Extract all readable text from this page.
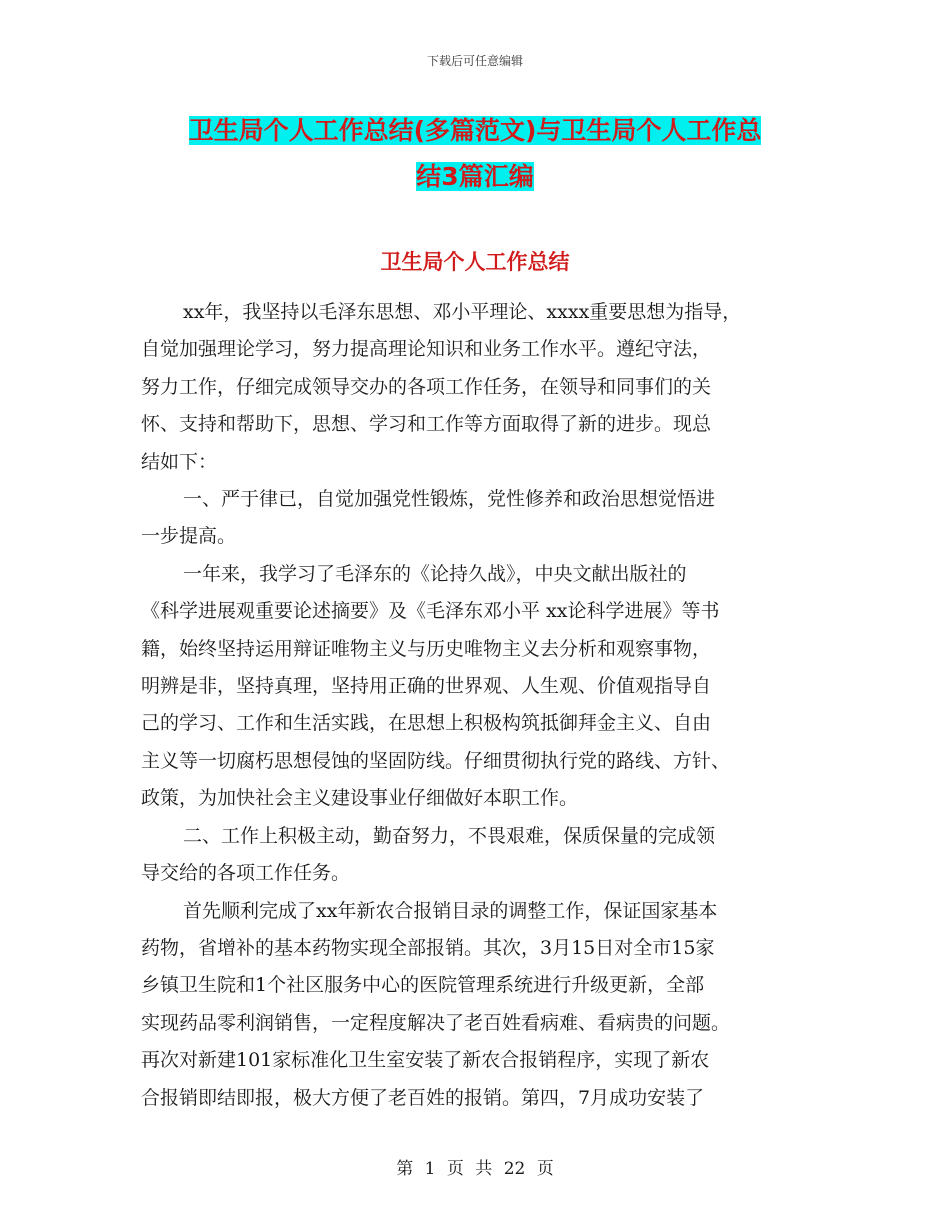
下载后可任意编辑
卫生局个人工作总结(多篇范文)与卫生局个人工作总
结3篇汇编
卫生局个人工作总结
xx年，我坚持以毛泽东思想、邓小平理论、xxxx重要思想为指导，
自觉加强理论学习，努力提高理论知识和业务工作水平。遵纪守法，
努力工作，仔细完成领导交办的各项工作任务，在领导和同事们的关
怀、支持和帮助下，思想、学习和工作等方面取得了新的进步。现总
结如下：
一、严于律已，自觉加强党性锻炼，党性修养和政治思想觉悟进
一步提高。
一年来，我学习了毛泽东的《论持久战》，中央文献出版社的
《科学进展观重要论述摘要》及《毛泽东邓小平 xx论科学进展》等书
籍，始终坚持运用辩证唯物主义与历史唯物主义去分析和观察事物，
明辨是非，坚持真理，坚持用正确的世界观、人生观、价值观指导自
己的学习、工作和生活实践，在思想上积极构筑抵御拜金主义、自由
主义等一切腐朽思想侵蚀的坚固防线。仔细贯彻执行党的路线、方针、
政策，为加快社会主义建设事业仔细做好本职工作。
二、工作上积极主动，勤奋努力，不畏艰难，保质保量的完成领
导交给的各项工作任务。
首先顺利完成了xx年新农合报销目录的调整工作，保证国家基本
药物，省增补的基本药物实现全部报销。其次，3月15日对全市15家
乡镇卫生院和1个社区服务中心的医院管理系统进行升级更新，全部
实现药品零利润销售，一定程度解决了老百姓看病难、看病贵的问题。
再次对新建101家标准化卫生室安装了新农合报销程序，实现了新农
合报销即结即报，极大方便了老百姓的报销。第四，7月成功安装了
第 1 页 共 22 页
